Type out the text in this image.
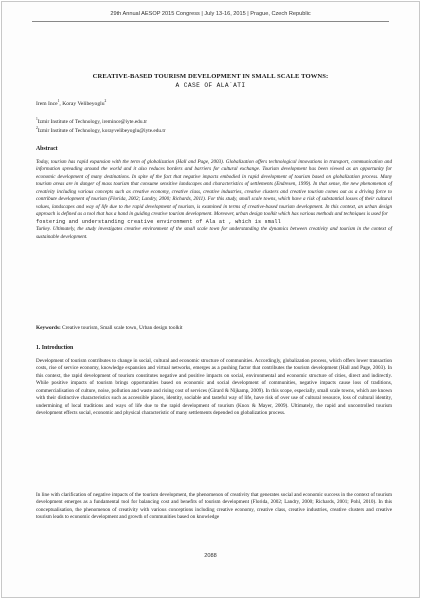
29th Annual AESOP 2015 Congress | July 13-16, 2015 | Prague, Czech Republic
CREATIVE-BASED TOURISM DEVELOPMENT IN SMALL SCALE TOWNS:
A CASE OF ALA`ATI
Irem Ince$^1$, Koray Velibeyoglu$^2$
$^1$Izmir Institute of Technology, iremince@iyte.edu.tr
$^2$Izmir Institute of Technology, korayvelibeyoglu@iyte.edu.tr
Abstract
Today, tourism has rapid expansion with the term of globalization (Hall and Page, 2003). Globalization offers technological innovations in transport, communication and information spreading around the world and it also reduces borders and barriers for cultural exchange. Tourism development has been viewed as an opportunity for economic development of many destinations. In spite of the fact that negative impacts embodied in rapid development of tourism based on globalization process. Many tourism areas are in danger of mass tourism that consume sensitive landscapes and characteristics of settlements (Endresen, 1999). In that sense, the new phenomenon of creativity including various concepts such as creative economy, creative class, creative industries, creative clusters and creative tourism comes out as a driving force to contribute development of tourism (Florida, 2002; Landry, 2000; Richards, 2011). For this study, small scale towns, which have a risk of substantial losses of their cultural values, landscapes and way of life due to the rapid development of tourism, is examined in terms of creative-based tourism development. In this context, an urban design approach is defined as a tool that has a hand in guiding creative tourism development. Moreover, urban design toolkit which has various methods and techniques is used for
fostering and understanding creative environment of Ala at , which is small
Turkey. Ultimately, the study investigates creative environment of the small scale town for understanding the dynamics between creativity and tourism in the context of sustainable development.
Keywords: Creative tourism, Small scale town, Urban design toolkit
1. Introduction
Development of tourism contributes to change in social, cultural and economic structure of communities. Accordingly, globalization process, which offers lower transaction costs, rise of service economy, knowledge expansion and virtual networks, emerges as a pushing factor that contributes the tourism development (Hall and Page, 2003). In this context, the rapid development of tourism constitutes negative and positive impacts on social, environmental and economic structure of cities, direct and indirectly. While positive impacts of tourism brings opportunities based on economic and social development of communities, negative impacts cause loss of traditions, commercialisation of culture, noise, pollution and waste and rising cost of services (Girard & Nijkamp, 2009). In this scope, especially, small scale towns, which are known with their distinctive characteristics such as accessible places, identity, sociable and tasteful way of life, have risk of over use of cultural resource, loss of cultural identity, undermining of local traditions and ways of life due to the rapid development of tourism (Knox & Mayer, 2009). Ultimately, the rapid and uncontrolled tourism development effects social, economic and physical characteristic of many settlements depended on globalization process.
In line with clarification of negative impacts of the tourism development, the phenomenon of creativity that generates social and economic success in the context of tourism development emerges as a fundamental tool for balancing cost and benefits of tourism development (Florida, 2002; Landry, 2000; Richards, 2001; Pohl, 2010). In this conceptualisation, the phenomenon of creativity with various conceptions including creative economy, creative class, creative industries, creative clusters and creative tourism leads to economic development and growth of communities based on knowledge
2088
